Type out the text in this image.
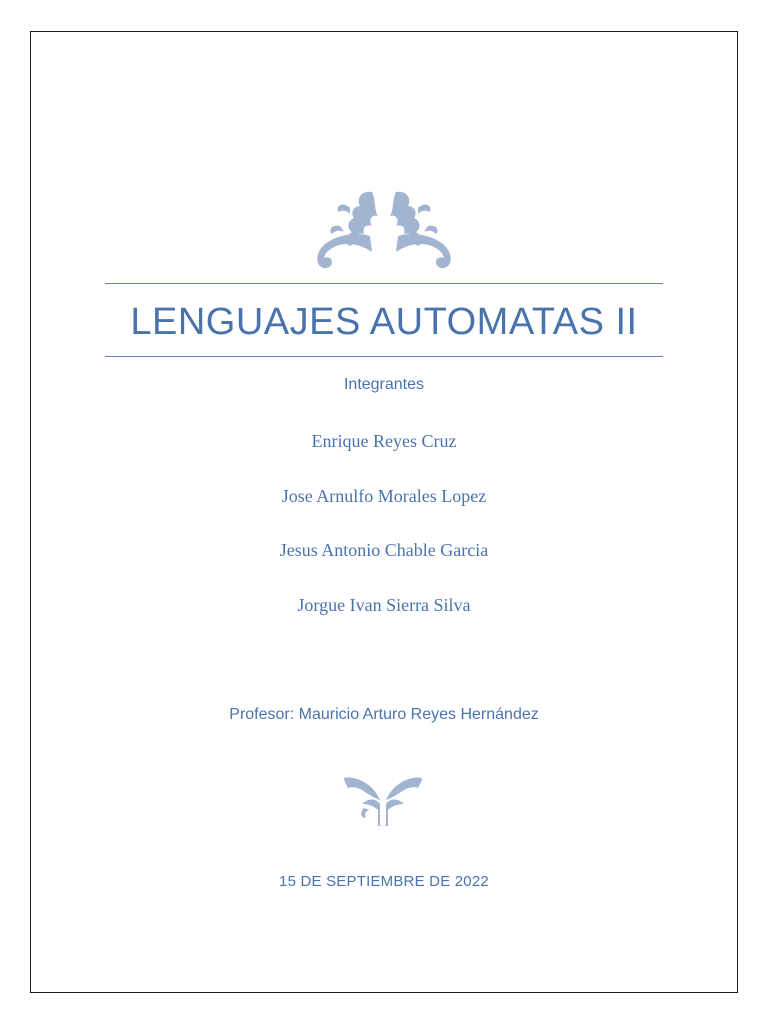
LENGUAJES AUTOMATAS II
Integrantes
Enrique Reyes Cruz
Jose Arnulfo Morales Lopez
Jesus Antonio Chable Garcia
Jorgue Ivan Sierra Silva
Profesor: Mauricio Arturo Reyes Hernández
15 DE SEPTIEMBRE DE 2022
